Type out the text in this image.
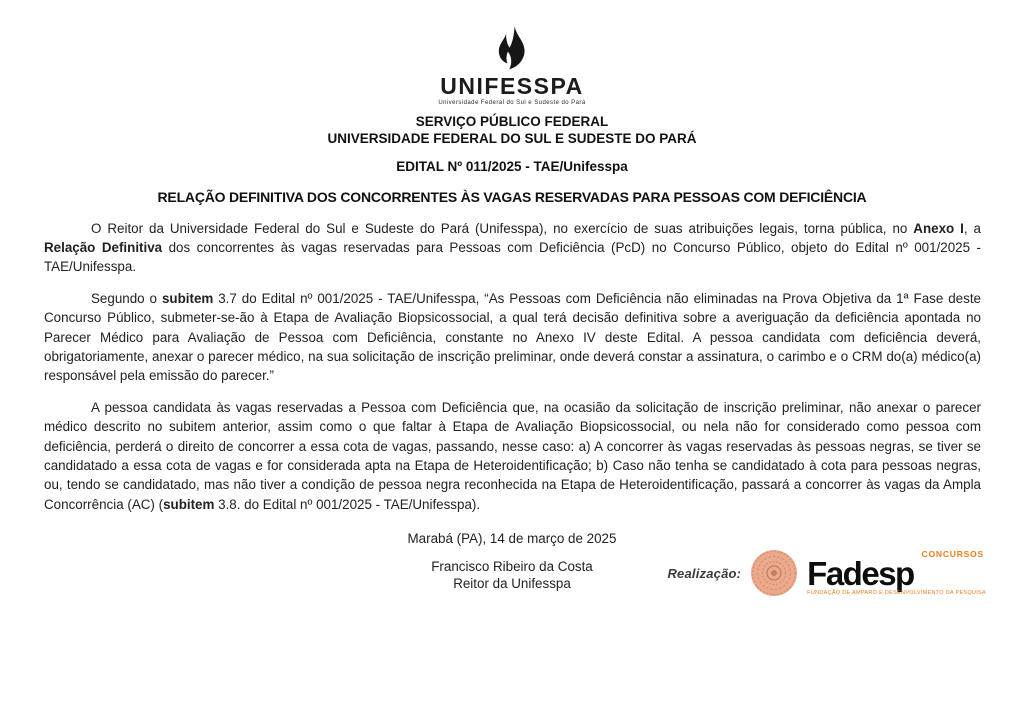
UNIFESSPA
Universidade Federal do Sul e Sudeste do Pará
SERVIÇO PÚBLICO FEDERAL
UNIVERSIDADE FEDERAL DO SUL E SUDESTE DO PARÁ
EDITAL Nº 011/2025 - TAE/Unifesspa
RELAÇÃO DEFINITIVA DOS CONCORRENTES ÀS VAGAS RESERVADAS PARA PESSOAS COM DEFICIÊNCIA

O Reitor da Universidade Federal do Sul e Sudeste do Pará (Unifesspa), no exercício de suas atribuições legais, torna pública, no Anexo I, a Relação Definitiva dos concorrentes às vagas reservadas para Pessoas com Deficiência (PcD) no Concurso Público, objeto do Edital nº 001/2025 - TAE/Unifesspa.

Segundo o subitem 3.7 do Edital nº 001/2025 - TAE/Unifesspa, “As Pessoas com Deficiência não eliminadas na Prova Objetiva da 1ª Fase deste Concurso Público, submeter-se-ão à Etapa de Avaliação Biopsicossocial, a qual terá decisão definitiva sobre a averiguação da deficiência apontada no Parecer Médico para Avaliação de Pessoa com Deficiência, constante no Anexo IV deste Edital. A pessoa candidata com deficiência deverá, obrigatoriamente, anexar o parecer médico, na sua solicitação de inscrição preliminar, onde deverá constar a assinatura, o carimbo e o CRM do(a) médico(a) responsável pela emissão do parecer.”

A pessoa candidata às vagas reservadas a Pessoa com Deficiência que, na ocasião da solicitação de inscrição preliminar, não anexar o parecer médico descrito no subitem anterior, assim como o que faltar à Etapa de Avaliação Biopsicossocial, ou nela não for considerado como pessoa com deficiência, perderá o direito de concorrer a essa cota de vagas, passando, nesse caso: a) A concorrer às vagas reservadas às pessoas negras, se tiver se candidatado a essa cota de vagas e for considerada apta na Etapa de Heteroidentificação; b) Caso não tenha se candidatado à cota para pessoas negras, ou, tendo se candidatado, mas não tiver a condição de pessoa negra reconhecida na Etapa de Heteroidentificação, passará a concorrer às vagas da Ampla Concorrência (AC) (subitem 3.8. do Edital nº 001/2025 - TAE/Unifesspa).

Marabá (PA), 14 de março de 2025
Francisco Ribeiro da Costa
Reitor da Unifesspa
Realização:
CONCURSOS
Fadesp
FUNDAÇÃO DE AMPARO E DESENVOLVIMENTO DA PESQUISA
